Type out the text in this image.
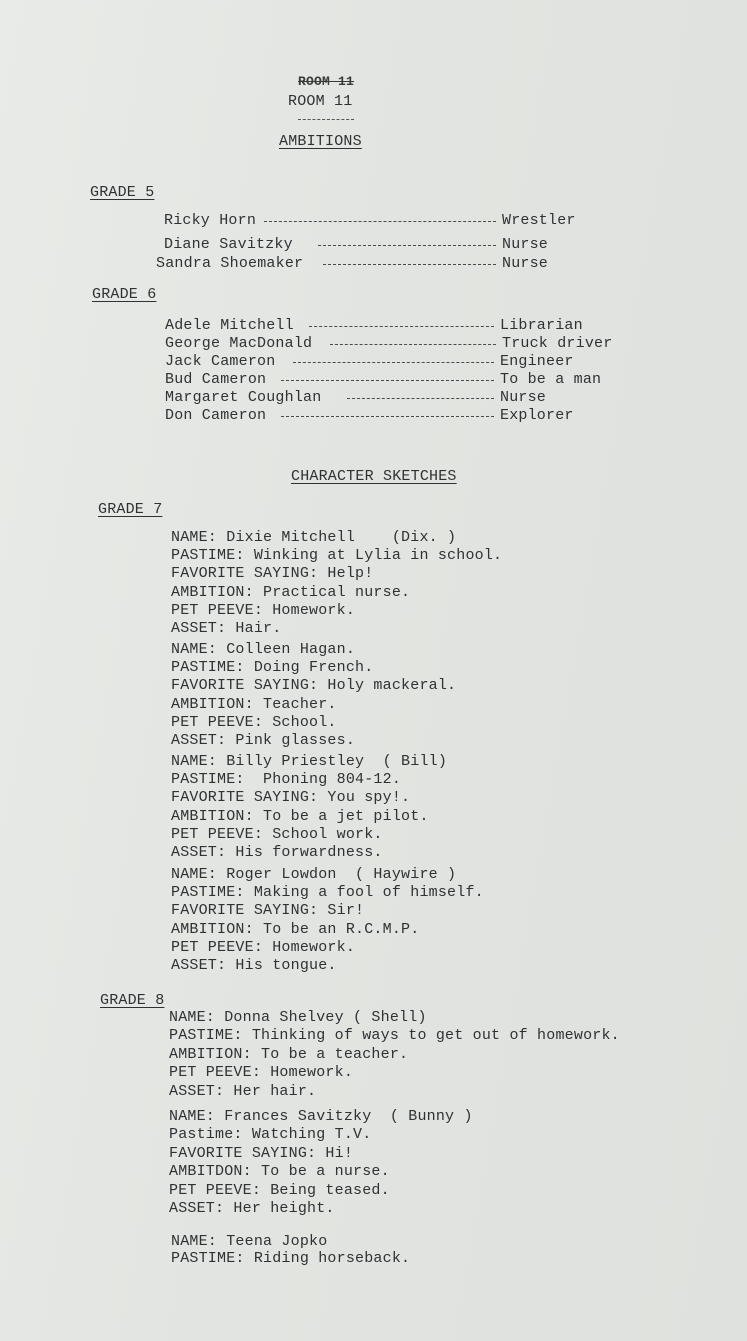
ROOM 11
ROOM 11
AMBITIONS
GRADE 5
Ricky Horn	Wrestler
Diane Savitzky	Nurse
Sandra Shoemaker	Nurse
GRADE 6
Adele Mitchell	Librarian
George MacDonald	Truck driver
Jack Cameron	Engineer
Bud Cameron	To be a man
Margaret Coughlan	Nurse
Don Cameron	Explorer
CHARACTER SKETCHES
GRADE 7
NAME: Dixie Mitchell    (Dix. )
PASTIME: Winking at Lylia in school.
FAVORITE SAYING: Help!
AMBITION: Practical nurse.
PET PEEVE: Homework.
ASSET: Hair.
NAME: Colleen Hagan.
PASTIME: Doing French.
FAVORITE SAYING: Holy mackeral.
AMBITION: Teacher.
PET PEEVE: School.
ASSET: Pink glasses.
NAME: Billy Priestley  ( Bill)
PASTIME:  Phoning 804-12.
FAVORITE SAYING: You spy!.
AMBITION: To be a jet pilot.
PET PEEVE: School work.
ASSET: His forwardness.
NAME: Roger Lowdon  ( Haywire )
PASTIME: Making a fool of himself.
FAVORITE SAYING: Sir!
AMBITION: To be an R.C.M.P.
PET PEEVE: Homework.
ASSET: His tongue.
GRADE 8
NAME: Donna Shelvey ( Shell)
PASTIME: Thinking of ways to get out of homework.
AMBITION: To be a teacher.
PET PEEVE: Homework.
ASSET: Her hair.
NAME: Frances Savitzky  ( Bunny )
Pastime: Watching T.V.
FAVORITE SAYING: Hi!
AMBITDON: To be a nurse.
PET PEEVE: Being teased.
ASSET: Her height.
NAME: Teena Jopko
PASTIME: Riding horseback.
